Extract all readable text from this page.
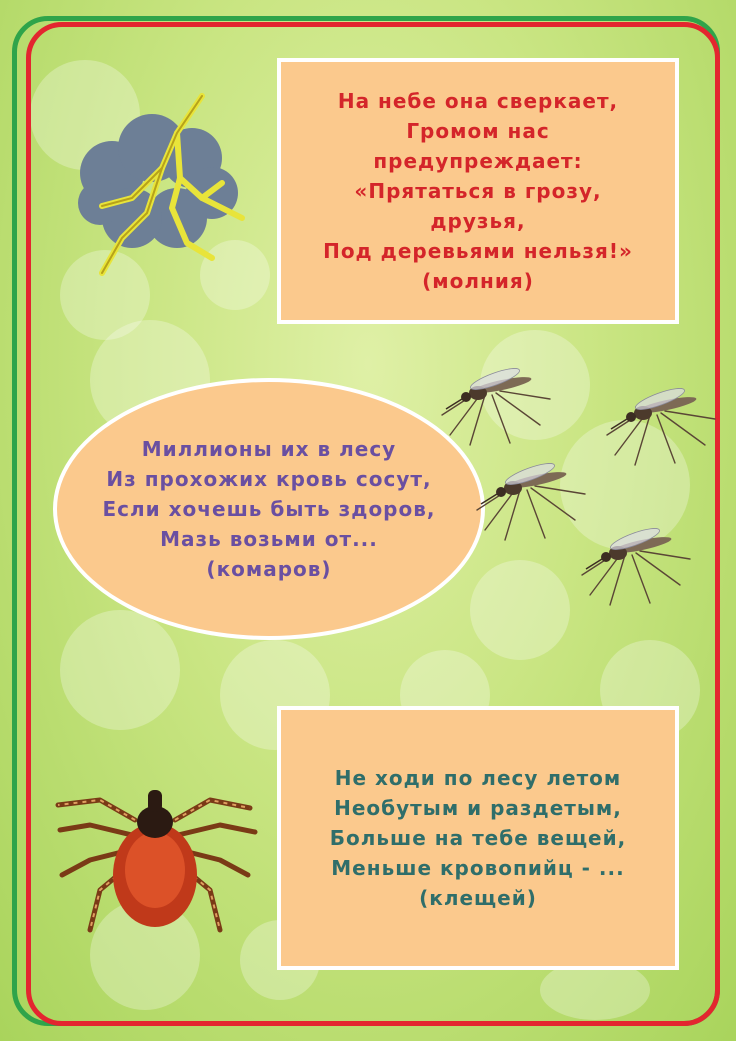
На небе она сверкает,
Громом нас
предупреждает:
«Прятаться в грозу,
друзья,
Под деревьями нельзя!»
(молния)
Миллионы их в лесу
Из прохожих кровь сосут,
Если хочешь быть здоров,
Мазь возьми от...
(комаров)
Не ходи по лесу летом
Необутым и раздетым,
Больше на тебе вещей,
Меньше кровопийц - ...
(клещей)
